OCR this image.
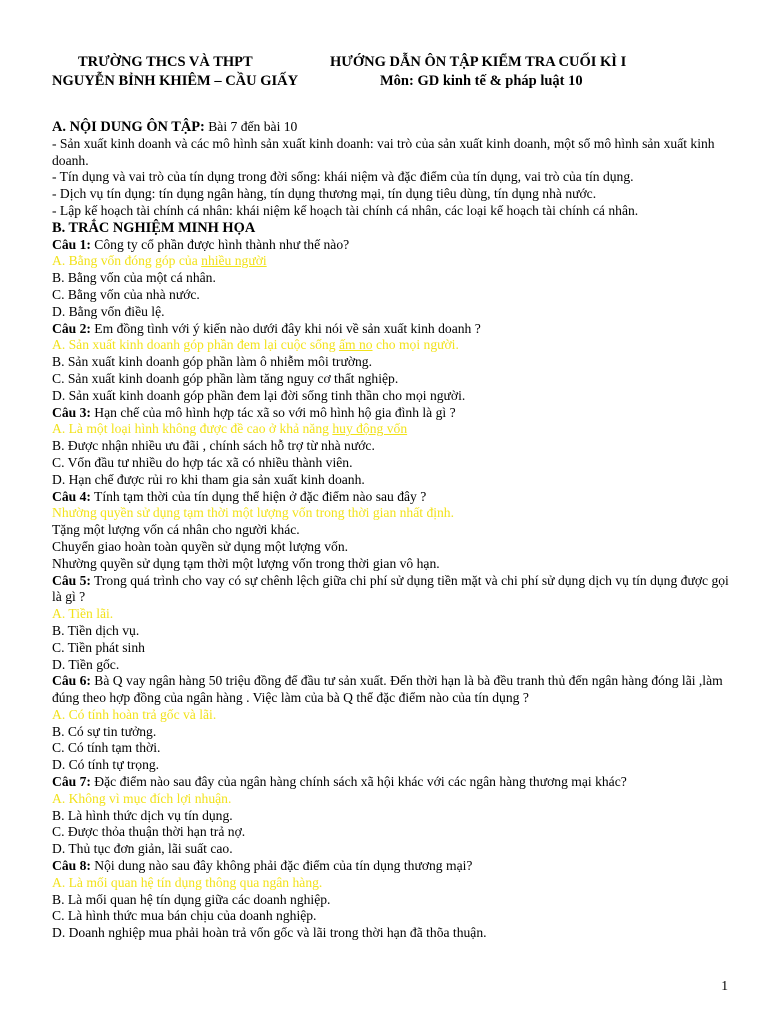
TRƯỜNG THCS VÀ THPT
NGUYỄN BỈNH KHIÊM – CẦU GIẤY
HƯỚNG DẪN ÔN TẬP KIỂM TRA CUỐI KÌ I
Môn: GD kinh tế & pháp luật 10
A. NỘI DUNG ÔN TẬP: Bài 7 đến bài 10
- Sản xuất kinh doanh và các mô hình sản xuất kinh doanh: vai trò của sản xuất kinh doanh, một số mô hình sản xuất kinh doanh.
- Tín dụng và vai trò của tín dụng trong đời sống: khái niệm và đặc điểm của tín dụng, vai trò của tín dụng.
- Dịch vụ tín dụng: tín dụng ngân hàng, tín dụng thương mại, tín dụng tiêu dùng, tín dụng nhà nước.
- Lập kế hoạch tài chính cá nhân: khái niệm kế hoạch tài chính cá nhân, các loại kế hoạch tài chính cá nhân.
B. TRẮC NGHIỆM MINH HỌA
Câu 1: Công ty cổ phần được hình thành như thế nào?
A. Bằng vốn đóng góp của nhiều người
B. Bằng vốn của một cá nhân.
C. Bằng vốn của nhà nước.
D. Bằng vốn điều lệ.
Câu 2: Em đồng tình với ý kiến nào dưới đây khi nói về sản xuất kinh doanh ?
A. Sản xuất kinh doanh góp phần đem lại cuộc sống ấm no cho mọi người.
B. Sản xuất kinh doanh góp phần làm ô nhiễm môi trường.
C. Sản xuất kinh doanh góp phần làm tăng nguy cơ thất nghiệp.
D. Sản xuất kinh doanh góp phần đem lại đời sống tinh thần cho mọi người.
Câu 3: Hạn chế của mô hình hợp tác xã so với mô hình hộ gia đình là gì ?
A. Là một loại hình không được đề cao ở khả năng huy động vốn
B. Được nhận nhiều ưu đãi , chính sách hỗ trợ từ nhà nước.
C. Vốn đầu tư nhiều do hợp tác xã có nhiều thành viên.
D. Hạn chế được rủi ro khi tham gia sản xuất kinh doanh.
Câu 4: Tính tạm thời của tín dụng thể hiện ở đặc điểm nào sau đây ?
Nhường quyền sử dụng tạm thời một lượng vốn trong thời gian nhất định.
Tặng một lượng vốn cá nhân cho người khác.
Chuyển giao hoàn toàn quyền sử dụng một lượng vốn.
Nhường quyền sử dụng tạm thời một lượng vốn trong thời gian vô hạn.
Câu 5: Trong quá trình cho vay có sự chênh lệch giữa chi phí sử dụng tiền mặt và chi phí sử dụng dịch vụ tín dụng được gọi là gì ?
A. Tiền lãi.
B. Tiền dịch vụ.
C. Tiền phát sinh
D. Tiền gốc.
Câu 6: Bà Q vay ngân hàng 50 triệu đồng để đầu tư sản xuất. Đến thời hạn là bà đều tranh thủ đến ngân hàng đóng lãi ,làm đúng theo hợp đồng của ngân hàng . Việc làm của bà Q thể đặc điểm nào của tín dụng ?
A. Có tính hoàn trả gốc và lãi.
B. Có sự tin tưởng.
C. Có tính tạm thời.
D. Có tính tự trọng.
Câu 7: Đặc điểm nào sau đây của ngân hàng chính sách xã hội khác với các ngân hàng thương mại khác?
A. Không vì mục đích lợi nhuận.
B. Là hình thức dịch vụ tín dụng.
C. Được thỏa thuận thời hạn trả nợ.
D. Thủ tục đơn giản, lãi suất cao.
Câu 8: Nội dung nào sau đây không phải đặc điểm của tín dụng thương mại?
A. Là mối quan hệ tín dụng thông qua ngân hàng.
B. Là mối quan hệ tín dụng giữa các doanh nghiệp.
C. Là hình thức mua bán chịu của doanh nghiệp.
D. Doanh nghiệp mua phải hoàn trả vốn gốc và lãi trong thời hạn đã thõa thuận.
1
